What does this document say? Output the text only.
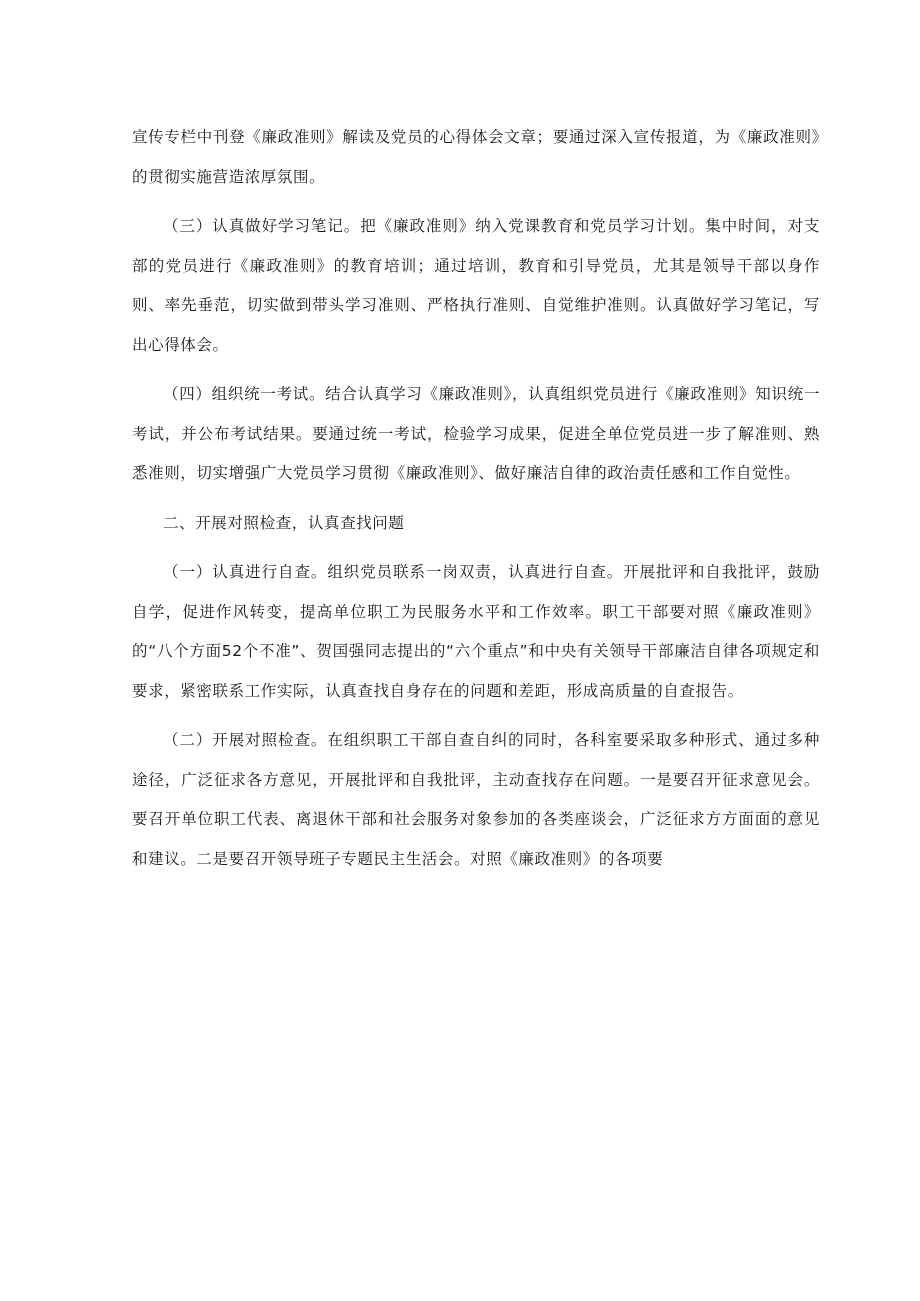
宣传专栏中刊登《廉政准则》解读及党员的心得体会文章；要通过深入宣传报道，为《廉政准则》的贯彻实施营造浓厚氛围。

（三）认真做好学习笔记。把《廉政准则》纳入党课教育和党员学习计划。集中时间，对支部的党员进行《廉政准则》的教育培训；通过培训，教育和引导党员，尤其是领导干部以身作则、率先垂范，切实做到带头学习准则、严格执行准则、自觉维护准则。认真做好学习笔记，写出心得体会。

（四）组织统一考试。结合认真学习《廉政准则》，认真组织党员进行《廉政准则》知识统一考试，并公布考试结果。要通过统一考试，检验学习成果，促进全单位党员进一步了解准则、熟悉准则，切实增强广大党员学习贯彻《廉政准则》、做好廉洁自律的政治责任感和工作自觉性。

二、开展对照检查，认真查找问题

（一）认真进行自查。组织党员联系一岗双责，认真进行自查。开展批评和自我批评，鼓励自学，促进作风转变，提高单位职工为民服务水平和工作效率。职工干部要对照《廉政准则》的“八个方面52个不准”、贺国强同志提出的“六个重点”和中央有关领导干部廉洁自律各项规定和要求，紧密联系工作实际，认真查找自身存在的问题和差距，形成高质量的自查报告。

（二）开展对照检查。在组织职工干部自查自纠的同时，各科室要采取多种形式、通过多种途径，广泛征求各方意见，开展批评和自我批评，主动查找存在问题。一是要召开征求意见会。要召开单位职工代表、离退休干部和社会服务对象参加的各类座谈会，广泛征求方方面面的意见和建议。二是要召开领导班子专题民主生活会。对照《廉政准则》的各项要
